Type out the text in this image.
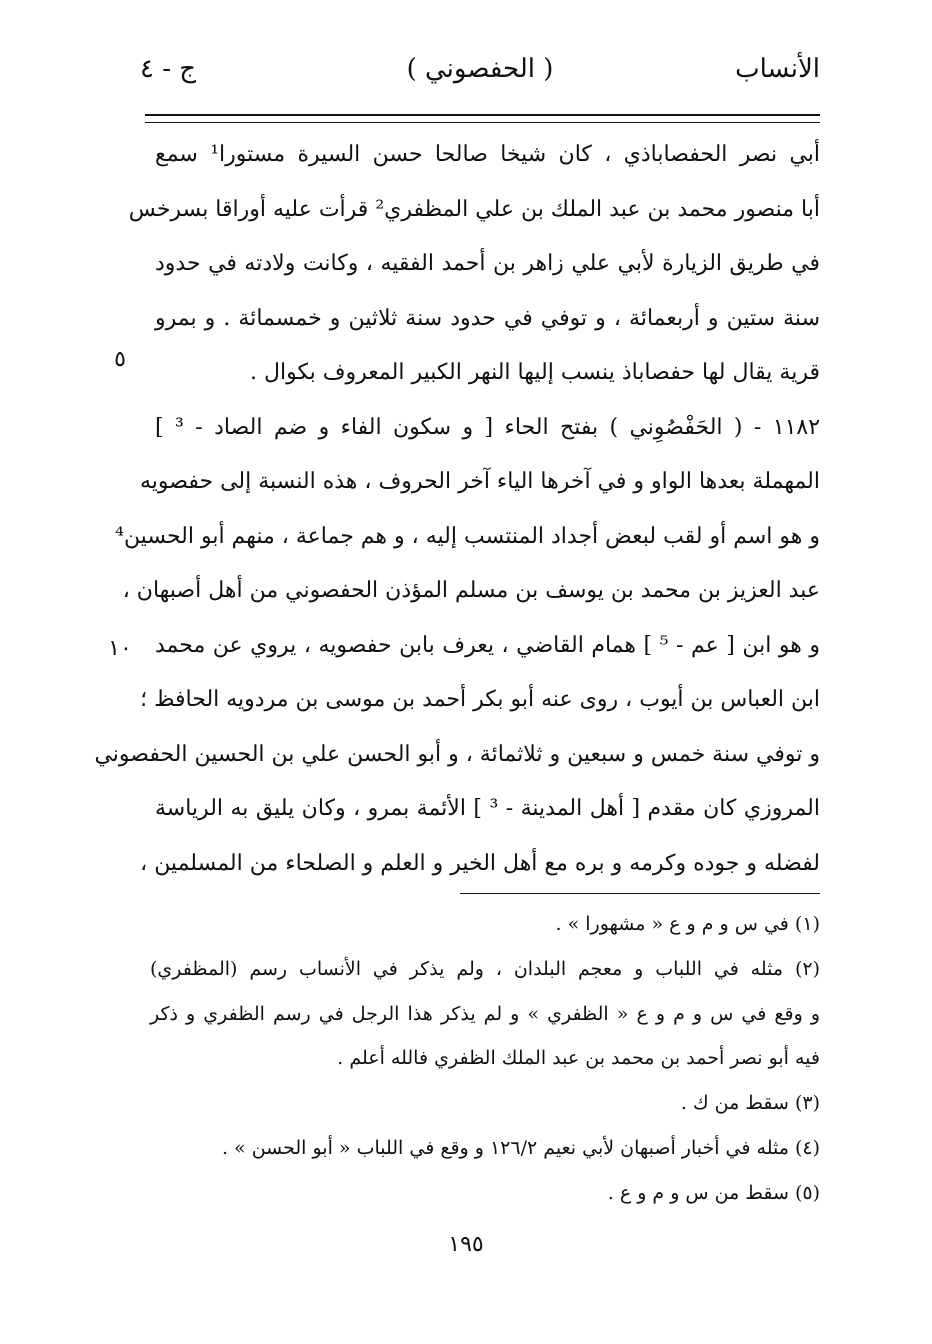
الأنساب
( الحفصوني )
ج - ٤
أبي نصر الحفصاباذي ، كان شيخا صالحا حسن السيرة مستورا¹ سمع
أبا منصور محمد بن عبد الملك بن علي المظفري² قرأت عليه أوراقا بسرخس
في طريق الزيارة لأبي علي زاهر بن أحمد الفقيه ، وكانت ولادته في حدود
سنة ستين و أربعمائة ، و توفي في حدود سنة ثلاثين و خمسمائة . و بمرو
قرية يقال لها حفصاباذ ينسب إليها النهر الكبير المعروف بكوال .
١١٨٢ - ( الحَفْصُوِني ) بفتح الحاء [ و سكون الفاء و ضم الصاد - ³ ]
المهملة بعدها الواو و في آخرها الياء آخر الحروف ، هذه النسبة إلى حفصويه
و هو اسم أو لقب لبعض أجداد المنتسب إليه ، و هم جماعة ، منهم أبو الحسين⁴
عبد العزيز بن محمد بن يوسف بن مسلم المؤذن الحفصوني من أهل أصبهان ،
و هو ابن [ عم - ⁵ ] همام القاضي ، يعرف بابن حفصويه ، يروي عن محمد
ابن العباس بن أيوب ، روى عنه أبو بكر أحمد بن موسى بن مردويه الحافظ ؛
و توفي سنة خمس و سبعين و ثلاثمائة ، و أبو الحسن علي بن الحسين الحفصوني
المروزي كان مقدم [ أهل المدينة - ³ ] الأئمة بمرو ، وكان يليق به الرياسة
لفضله و جوده وكرمه و بره مع أهل الخير و العلم و الصلحاء من المسلمين ،
٥
١٠
(١) في س و م و ع « مشهورا » .
(٢) مثله في اللباب و معجم البلدان ، ولم يذكر في الأنساب رسم (المظفري)
و وقع في س و م و ع « الظفري » و لم يذكر هذا الرجل في رسم الظفري و ذكر
فيه أبو نصر أحمد بن محمد بن عبد الملك الظفري فالله أعلم .
(٣) سقط من ك .
(٤) مثله في أخبار أصبهان لأبي نعيم ١٢٦/٢ و وقع في اللباب « أبو الحسن » .
(٥) سقط من س و م و ع .
١٩٥
